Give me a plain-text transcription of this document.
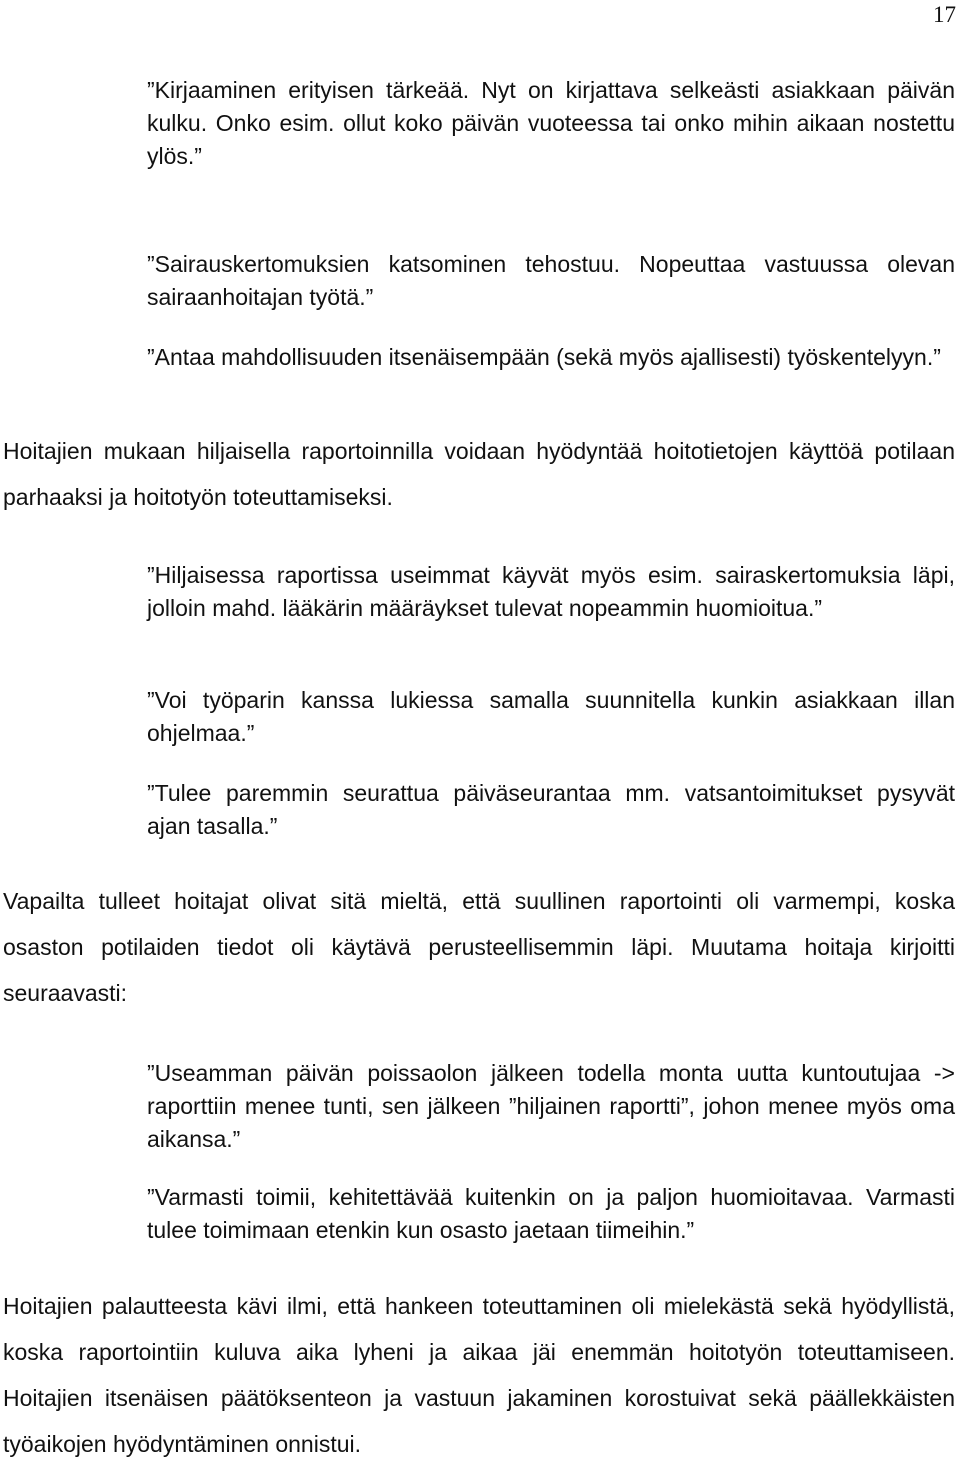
17

”Kirjaaminen erityisen tärkeää. Nyt on kirjattava selkeästi asiakkaan päivän kulku. Onko esim. ollut koko päivän vuoteessa tai onko mihin aikaan nostettu ylös.”

”Sairauskertomuksien katsominen tehostuu. Nopeuttaa vastuussa olevan sairaanhoitajan työtä.”

”Antaa mahdollisuuden itsenäisempään (sekä myös ajallisesti) työskentelyyn.”

Hoitajien mukaan hiljaisella raportoinnilla voidaan hyödyntää hoitotietojen käyttöä potilaan parhaaksi ja hoitotyön toteuttamiseksi.

”Hiljaisessa raportissa useimmat käyvät myös esim. sairaskertomuksia läpi, jolloin mahd. lääkärin määräykset tulevat nopeammin huomioitua.”

”Voi työparin kanssa lukiessa samalla suunnitella kunkin asiakkaan illan ohjelmaa.”

”Tulee paremmin seurattua päiväseurantaa mm. vatsantoimitukset pysyvät ajan tasalla.”

Vapailta tulleet hoitajat olivat sitä mieltä, että suullinen raportointi oli varmempi, koska osaston potilaiden tiedot oli käytävä perusteellisemmin läpi. Muutama hoitaja kirjoitti seuraavasti:

”Useamman päivän poissaolon jälkeen todella monta uutta kuntoutujaa -> raporttiin menee tunti, sen jälkeen ”hiljainen raportti”, johon menee myös oma aikansa.”

”Varmasti toimii, kehitettävää kuitenkin on ja paljon huomioitavaa. Varmasti tulee toimimaan etenkin kun osasto jaetaan tiimeihin.”

Hoitajien palautteesta kävi ilmi, että hankeen toteuttaminen oli mielekästä sekä hyödyllistä, koska raportointiin kuluva aika lyheni ja aikaa jäi enemmän hoitotyön toteuttamiseen. Hoitajien itsenäisen päätöksenteon ja vastuun jakaminen korostuivat sekä päällekkäisten työaikojen hyödyntäminen onnistui.
